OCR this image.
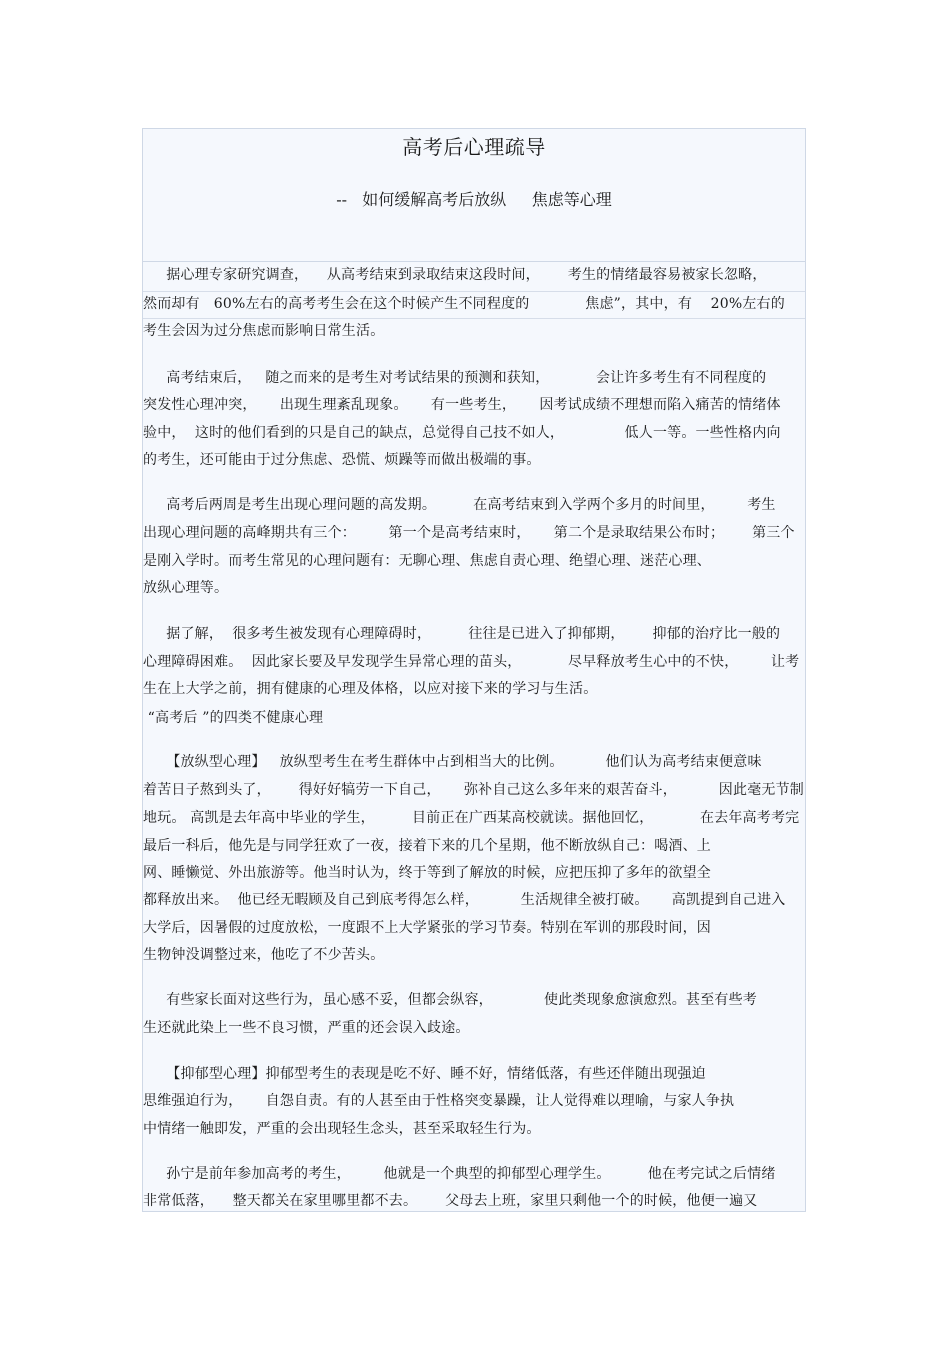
高考后心理疏导
--   如何缓解高考后放纵     焦虑等心理
据心理专家研究调查，    从高考结束到录取结束这段时间，      考生的情绪最容易被家长忽略，
然而却有   60%左右的高考考生会在这个时候产生不同程度的            焦虑”，其中，有    20%左右的
考生会因为过分焦虑而影响日常生活。
高考结束后，   随之而来的是考生对考试结果的预测和获知，          会让许多考生有不同程度的
突发性心理冲突，     出现生理紊乱现象。     有一些考生，     因考试成绩不理想而陷入痛苦的情绪体
验中，  这时的他们看到的只是自己的缺点，总觉得自己技不如人，             低人一等。一些性格内向
的考生，还可能由于过分焦虑、恐慌、烦躁等而做出极端的事。
高考后两周是考生出现心理问题的高发期。        在高考结束到入学两个多月的时间里，       考生
出现心理问题的高峰期共有三个：       第一个是高考结束时，     第二个是录取结果公布时；      第三个
是刚入学时。而考生常见的心理问题有：无聊心理、焦虑自责心理、绝望心理、迷茫心理、
放纵心理等。
据了解，  很多考生被发现有心理障碍时，        往往是已进入了抑郁期，      抑郁的治疗比一般的
心理障碍困难。  因此家长要及早发现学生异常心理的苗头，          尽早释放考生心中的不快，       让考
生在上大学之前，拥有健康的心理及体格，以应对接下来的学习与生活。
“高考后 ”的四类不健康心理
【放纵型心理】   放纵型考生在考生群体中占到相当大的比例。         他们认为高考结束便意味
着苦日子熬到头了，      得好好犒劳一下自己，     弥补自己这么多年来的艰苦奋斗，         因此毫无节制
地玩。 高凯是去年高中毕业的学生，        目前正在广西某高校就读。据他回忆，          在去年高考考完
最后一科后，他先是与同学狂欢了一夜，接着下来的几个星期，他不断放纵自己：喝酒、上
网、睡懒觉、外出旅游等。他当时认为，终于等到了解放的时候，应把压抑了多年的欲望全
都释放出来。  他已经无暇顾及自己到底考得怎么样，         生活规律全被打破。     高凯提到自己进入
大学后，因暑假的过度放松，一度跟不上大学紧张的学习节奏。特别在军训的那段时间，因
生物钟没调整过来，他吃了不少苦头。
有些家长面对这些行为，虽心感不妥，但都会纵容，           使此类现象愈演愈烈。甚至有些考
生还就此染上一些不良习惯，严重的还会误入歧途。
【抑郁型心理】抑郁型考生的表现是吃不好、睡不好，情绪低落，有些还伴随出现强迫
思维强迫行为，     自怨自责。有的人甚至由于性格突变暴躁，让人觉得难以理喻，与家人争执
中情绪一触即发，严重的会出现轻生念头，甚至采取轻生行为。
孙宁是前年参加高考的考生，       他就是一个典型的抑郁型心理学生。        他在考完试之后情绪
非常低落，    整天都关在家里哪里都不去。      父母去上班，家里只剩他一个的时候，他便一遍又
